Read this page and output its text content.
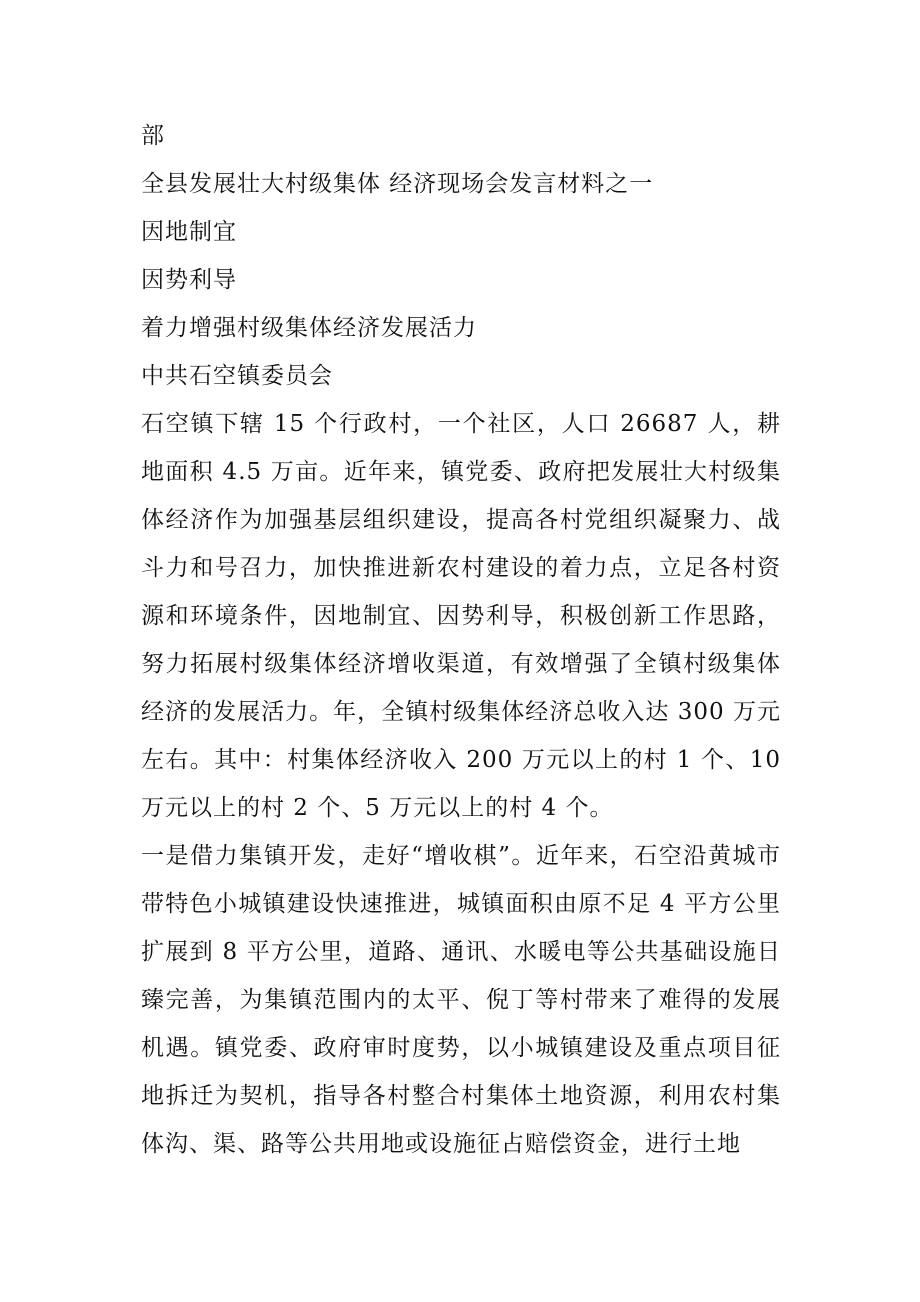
部
全县发展壮大村级集体 经济现场会发言材料之一
因地制宜
因势利导
着力增强村级集体经济发展活力
中共石空镇委员会

石空镇下辖 15 个行政村，一个社区，人口 26687 人，耕地面积 4.5 万亩。近年来，镇党委、政府把发展壮大村级集体经济作为加强基层组织建设，提高各村党组织凝聚力、战斗力和号召力，加快推进新农村建设的着力点，立足各村资源和环境条件，因地制宜、因势利导，积极创新工作思路，努力拓展村级集体经济增收渠道，有效增强了全镇村级集体经济的发展活力。年，全镇村级集体经济总收入达 300 万元左右。其中：村集体经济收入 200 万元以上的村 1 个、10 万元以上的村 2 个、5 万元以上的村 4 个。

一是借力集镇开发，走好“增收棋”。近年来，石空沿黄城市带特色小城镇建设快速推进，城镇面积由原不足 4 平方公里扩展到 8 平方公里，道路、通讯、水暖电等公共基础设施日臻完善，为集镇范围内的太平、倪丁等村带来了难得的发展机遇。镇党委、政府审时度势，以小城镇建设及重点项目征地拆迁为契机，指导各村整合村集体土地资源，利用农村集体沟、渠、路等公共用地或设施征占赔偿资金，进行土地
